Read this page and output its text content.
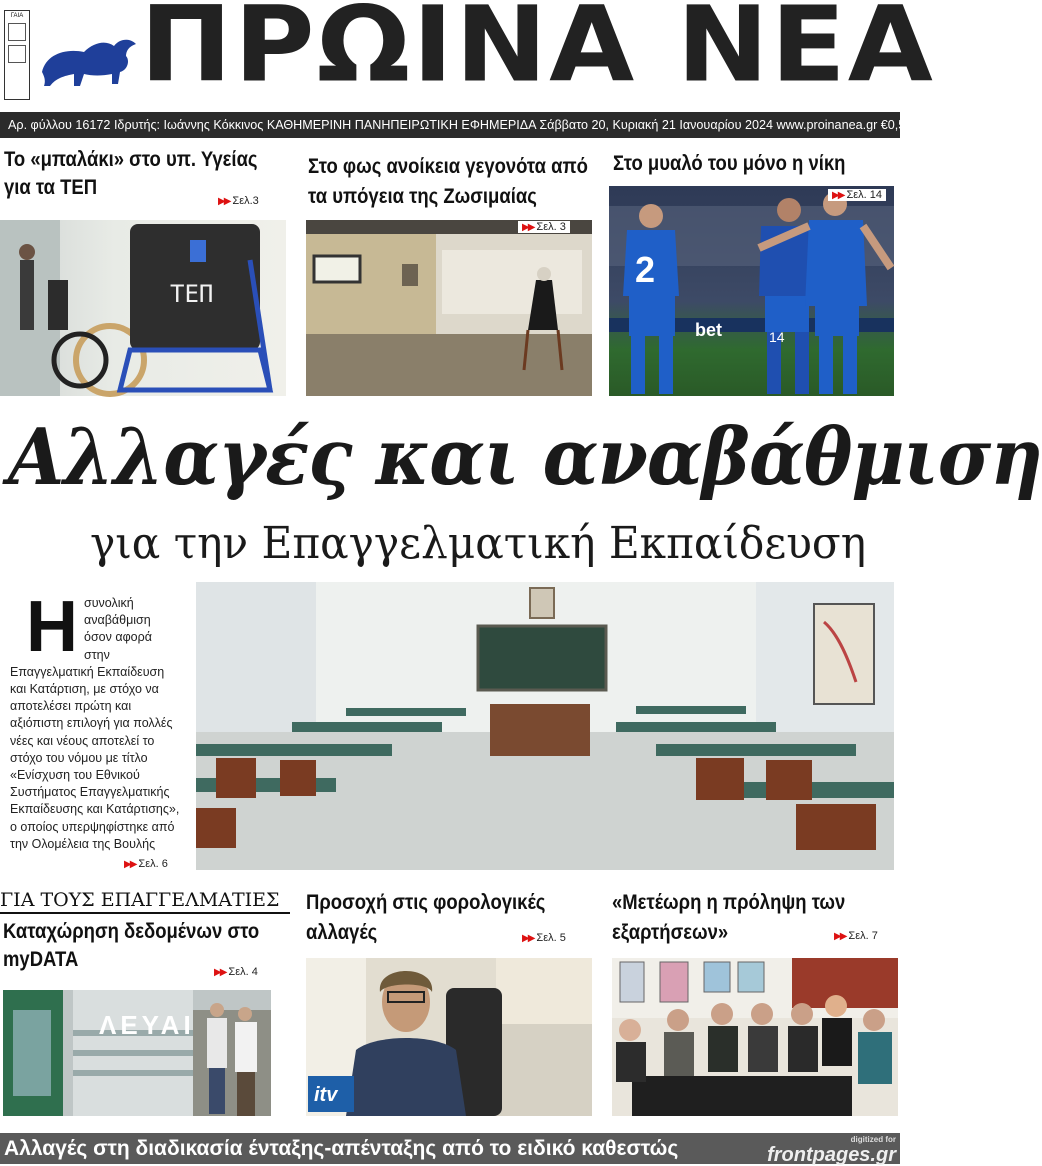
ΓΑΙΑ ΠΡΩΙΝΑ ΝΕΑ
Αρ. φύλλου 16172 Ιδρυτής: Ιωάννης Κόκκινος ΚΑΘΗΜΕΡΙΝΗ ΠΑΝΗΠΕΙΡΩΤΙΚΗ ΕΦΗΜΕΡΙΔΑ Σάββατο 20, Κυριακή 21 Ιανουαρίου 2024 www.proinanea.gr €0,50
Το «μπαλάκι» στο υπ. Υγείας για τα ΤΕΠ
▶▶ Σελ.3
ΤΕΠ
Στο φως ανοίκεια γεγονότα από τα υπόγεια της Ζωσιμαίας
▶▶ Σελ. 3
Στο μυαλό του μόνο η νίκη
2
14
bet
▶▶ Σελ. 14
Αλλαγές και αναβάθμιση
για την Επαγγελματική Εκπαίδευση
Η συνολική αναβάθμιση όσον αφορά στην Επαγγελματική Εκπαίδευση και Κατάρτιση, με στόχο να αποτελέσει πρώτη και αξιόπιστη επιλογή για πολλές νέες και νέους αποτελεί το στόχο του νόμου με τίτλο «Ενίσχυση του Εθνικού Συστήματος Επαγγελματικής Εκπαίδευσης και Κατάρτισης», ο οποίος υπερψηφίστηκε από την Ολομέλεια της Βουλής
▶▶ Σελ. 6
ΓΙΑ ΤΟΥΣ ΕΠΑΓΓΕΛΜΑΤΙΕΣ
Καταχώρηση δεδομένων στο myDATA
▶▶ Σελ. 4
ΛΕΥΑΙ
Προσοχή στις φορολογικές αλλαγές	▶▶ Σελ. 5
itv
«Μετέωρη η πρόληψη των εξαρτήσεων»	▶▶ Σελ. 7
Αλλαγές στη διαδικασία ένταξης-απένταξης από το ειδικό καθεστώς	digitized for
frontpages.gr
